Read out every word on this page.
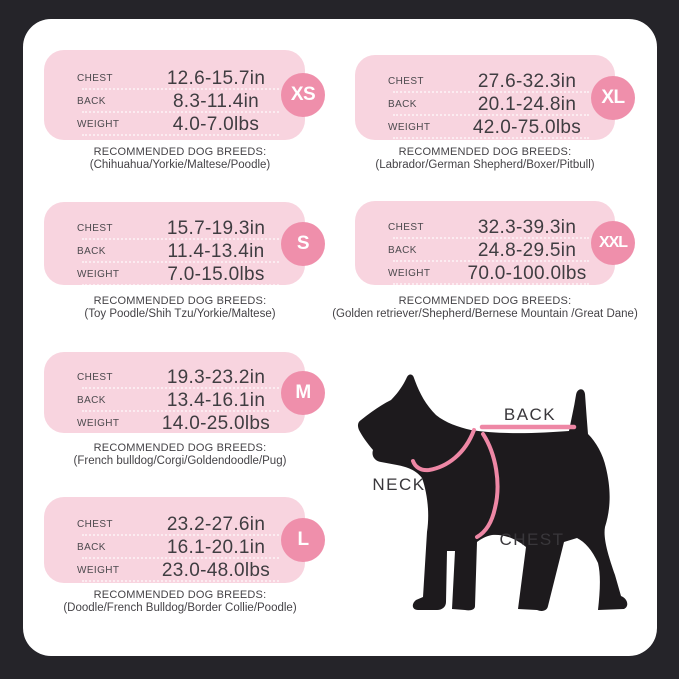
CHEST	12.6-15.7in
BACK	8.3-11.4in
WEIGHT	4.0-7.0lbs
XS
RECOMMENDED DOG BREEDS:
(Chihuahua/Yorkie/Maltese/Poodle)
CHEST	15.7-19.3in
BACK	11.4-13.4in
WEIGHT	7.0-15.0lbs
S
RECOMMENDED DOG BREEDS:
(Toy Poodle/Shih Tzu/Yorkie/Maltese)
CHEST	19.3-23.2in
BACK	13.4-16.1in
WEIGHT	14.0-25.0lbs
M
RECOMMENDED DOG BREEDS:
(French bulldog/Corgi/Goldendoodle/Pug)
CHEST	23.2-27.6in
BACK	16.1-20.1in
WEIGHT	23.0-48.0lbs
L
RECOMMENDED DOG BREEDS:
(Doodle/French Bulldog/Border Collie/Poodle)
CHEST	27.6-32.3in
BACK	20.1-24.8in
WEIGHT	42.0-75.0lbs
XL
RECOMMENDED DOG BREEDS:
(Labrador/German Shepherd/Boxer/Pitbull)
CHEST	32.3-39.3in
BACK	24.8-29.5in
WEIGHT	70.0-100.0lbs
XXL
RECOMMENDED DOG BREEDS:
(Golden retriever/Shepherd/Bernese Mountain /Great Dane)
BACK
NECK
CHEST
